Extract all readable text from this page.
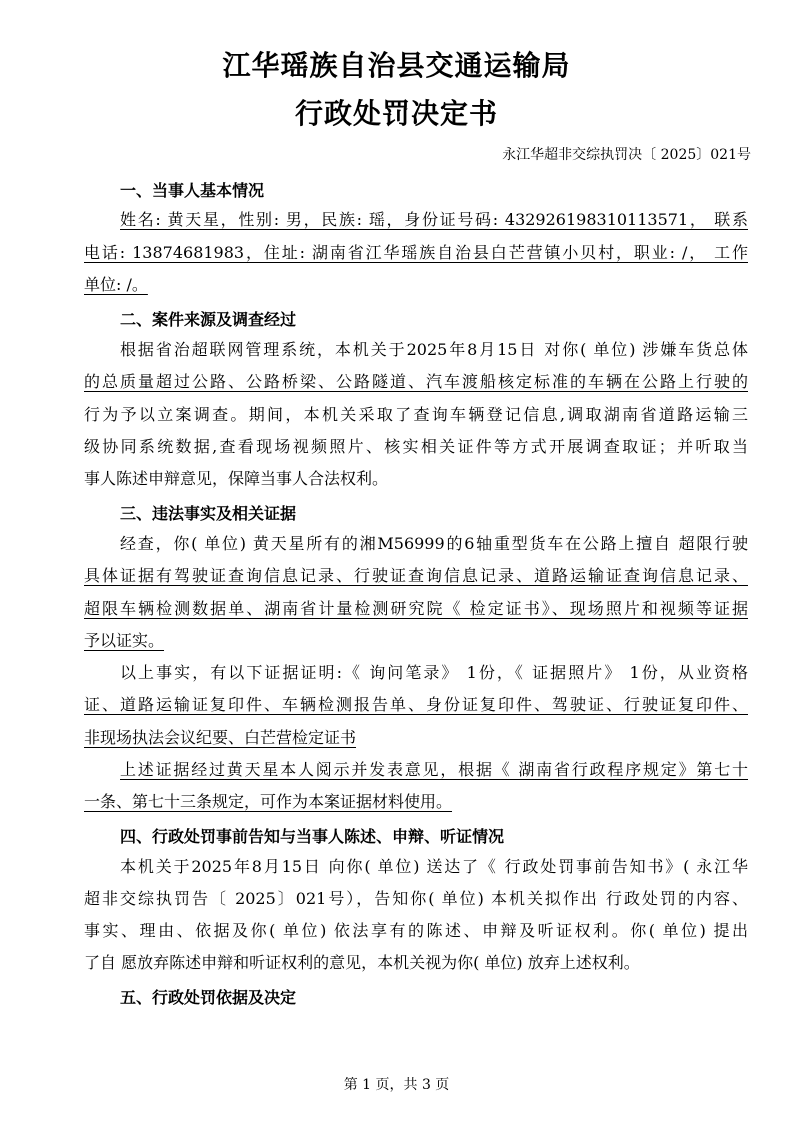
江华瑶族自治县交通运输局
行政处罚决定书
永江华超非交综执罚决〔 2025〕021号
一、当事人基本情况
姓名: 黄天星，性别: 男，民族: 瑶，身份证号码: 432926198310113571， 联系
电话: 13874681983，住址: 湖南省江华瑶族自治县白芒营镇小贝村，职业: /， 工作
单位: /。
二、案件来源及调查经过
根据省治超联网管理系统，本机关于2025年8月15日 对你( 单位) 涉嫌车货总体
的总质量超过公路、公路桥梁、公路隧道、汽车渡船核定标准的车辆在公路上行驶的
行为予以立案调查。期间，本机关采取了查询车辆登记信息,调取湖南省道路运输三
级协同系统数据,查看现场视频照片、核实相关证件等方式开展调查取证；并听取当
事人陈述申辩意见，保障当事人合法权利。
三、违法事实及相关证据
经查，你( 单位) 黄天星所有的湘M56999的6轴重型货车在公路上擅自 超限行驶
具体证据有驾驶证查询信息记录、行驶证查询信息记录、道路运输证查询信息记录、
超限车辆检测数据单、湖南省计量检测研究院《 检定证书》、现场照片和视频等证据
予以证实。
以上事实，有以下证据证明:《 询问笔录》 1份，《 证据照片》 1份，从业资格
证、道路运输证复印件、车辆检测报告单、身份证复印件、驾驶证、行驶证复印件、
非现场执法会议纪要、白芒营检定证书
上述证据经过黄天星本人阅示并发表意见，根据《 湖南省行政程序规定》第七十
一条、第七十三条规定，可作为本案证据材料使用。
四、行政处罚事前告知与当事人陈述、申辩、听证情况
本机关于2025年8月15日 向你( 单位) 送达了《 行政处罚事前告知书》( 永江华
超非交综执罚告〔 2025〕021号），告知你( 单位) 本机关拟作出 行政处罚的内容、
事实、理由、依据及你( 单位) 依法享有的陈述、申辩及听证权利。你( 单位) 提出
了自 愿放弃陈述申辩和听证权利的意见，本机关视为你( 单位) 放弃上述权利。
五、行政处罚依据及决定
第 1 页，共 3 页
